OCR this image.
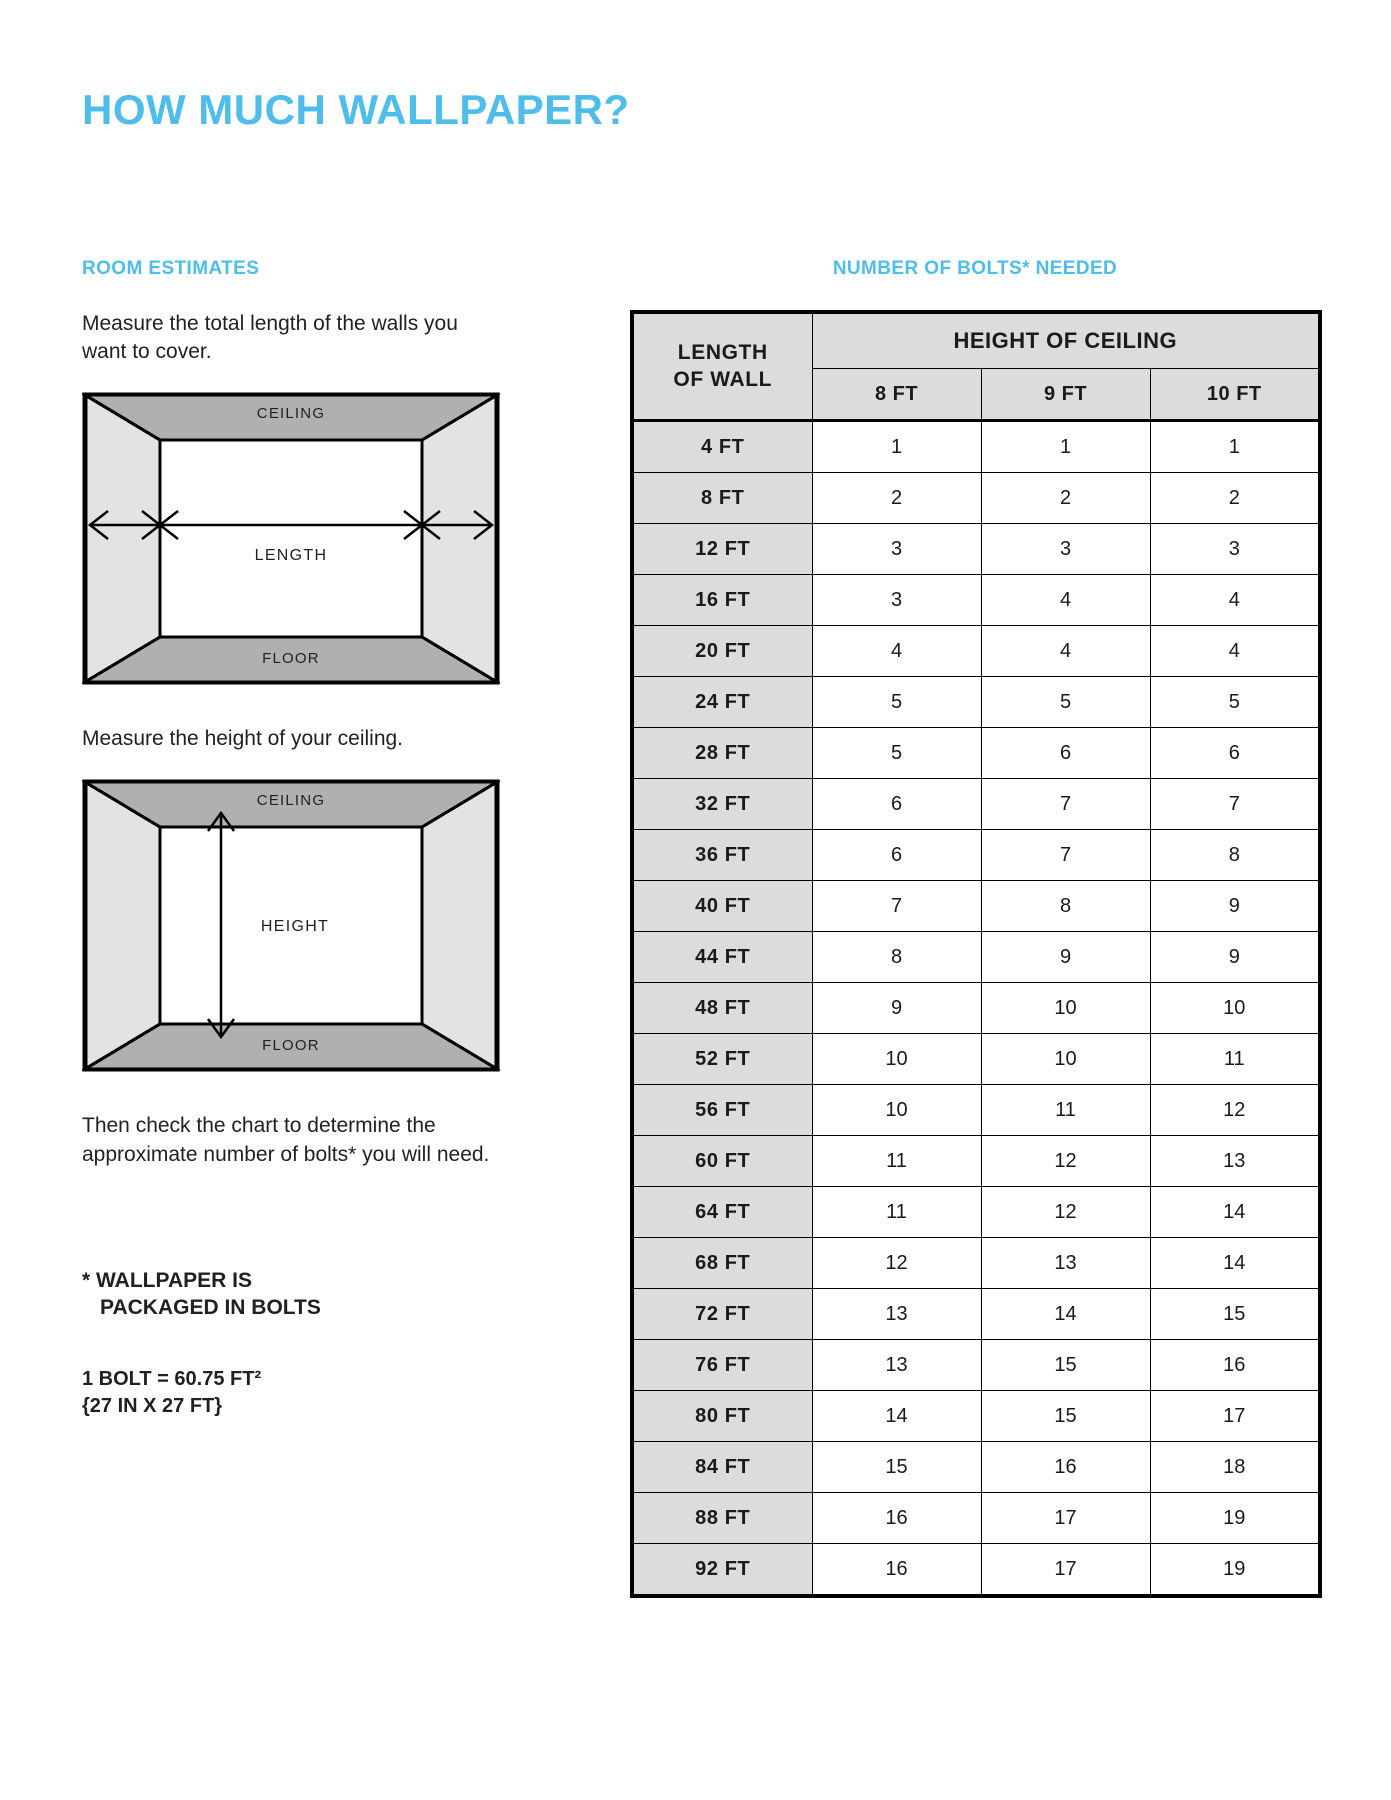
HOW MUCH WALLPAPER?
ROOM ESTIMATES

Measure the total length of the walls you want to cover.

CEILING
FLOOR
LENGTH

Measure the height of your ceiling.

CEILING
FLOOR
HEIGHT

Then check the chart to determine the approximate number of bolts* you will need.

* WALLPAPER IS

PACKAGED IN BOLTS

1 BOLT = 60.75 FT²

{27 IN X 27 FT}

NUMBER OF BOLTS* NEEDED
LENGTH
OF WALL	HEIGHT OF CEILING		
	8 FT	9 FT	10 FT
4 FT	1	1	1
8 FT	2	2	2
12 FT	3	3	3
16 FT	3	4	4
20 FT	4	4	4
24 FT	5	5	5
28 FT	5	6	6
32 FT	6	7	7
36 FT	6	7	8
40 FT	7	8	9
44 FT	8	9	9
48 FT	9	10	10
52 FT	10	10	11
56 FT	10	11	12
60 FT	11	12	13
64 FT	11	12	14
68 FT	12	13	14
72 FT	13	14	15
76 FT	13	15	16
80 FT	14	15	17
84 FT	15	16	18
88 FT	16	17	19
92 FT	16	17	19
